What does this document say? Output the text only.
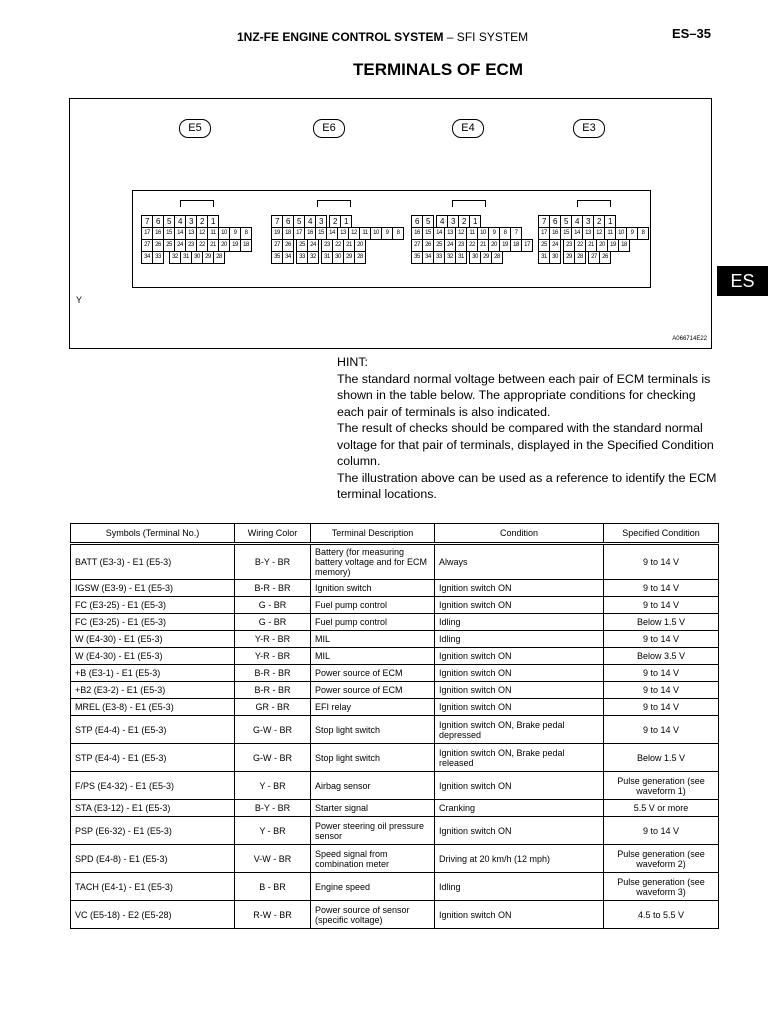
1NZ-FE ENGINE CONTROL SYSTEM – SFI SYSTEM	ES–35
TERMINALS OF ECM
E5
7 6 5 4 3 2 1
17 16 15 14 13 12 11 10	9	8
27 26 25 24 23 22 21 20 19 18
34 33	32 31 30 29 28
E6
7 6 5 4 3	2 1
19 18 17 16 15 14 13 12 11 10	9	8
27 26	25 24	23 22 21 20
35 34	33 32	31 30 29 28
E4
6 5	4 3 2 1
16 15 14 13 12 11 10	9	8	7
27 26 25 24 23 22 21 20 19 18 17
35 34 33 32 31	30 29 28
E3
7 6 5 4 3 2 1
17 16 15 14 13 12 11 10	9	8
25 24	23 22 21 20 19 18
31 30	29 28	27 26
Y
A066714E22
ES

HINT:

The standard normal voltage between each pair of ECM terminals is shown in the table below. The appropriate conditions for checking each pair of terminals is also indicated.

The result of checks should be compared with the standard normal voltage for that pair of terminals, displayed in the Specified Condition column.

The illustration above can be used as a reference to identify the ECM terminal locations.

Symbols (Terminal No.)	Wiring Color	Terminal Description	Condition	Specified Condition
BATT (E3-3) - E1 (E5-3)	B-Y - BR	Battery (for measuring battery voltage and for ECM memory)	Always	9 to 14 V
IGSW (E3-9) - E1 (E5-3)	B-R - BR	Ignition switch	Ignition switch ON	9 to 14 V
FC (E3-25) - E1 (E5-3)	G - BR	Fuel pump control	Ignition switch ON	9 to 14 V
FC (E3-25) - E1 (E5-3)	G - BR	Fuel pump control	Idling	Below 1.5 V
W (E4-30) - E1 (E5-3)	Y-R - BR	MIL	Idling	9 to 14 V
W (E4-30) - E1 (E5-3)	Y-R - BR	MIL	Ignition switch ON	Below 3.5 V
+B (E3-1) - E1 (E5-3)	B-R - BR	Power source of ECM	Ignition switch ON	9 to 14 V
+B2 (E3-2) - E1 (E5-3)	B-R - BR	Power source of ECM	Ignition switch ON	9 to 14 V
MREL (E3-8) - E1 (E5-3)	GR - BR	EFI relay	Ignition switch ON	9 to 14 V
STP (E4-4) - E1 (E5-3)	G-W - BR	Stop light switch	Ignition switch ON, Brake pedal depressed	9 to 14 V
STP (E4-4) - E1 (E5-3)	G-W - BR	Stop light switch	Ignition switch ON, Brake pedal released	Below 1.5 V
F/PS (E4-32) - E1 (E5-3)	Y - BR	Airbag sensor	Ignition switch ON	Pulse generation (see waveform 1)
STA (E3-12) - E1 (E5-3)	B-Y - BR	Starter signal	Cranking	5.5 V or more
PSP (E6-32) - E1 (E5-3)	Y - BR	Power steering oil pressure sensor	Ignition switch ON	9 to 14 V
SPD (E4-8) - E1 (E5-3)	V-W - BR	Speed signal from combination meter	Driving at 20 km/h (12 mph)	Pulse generation (see waveform 2)
TACH (E4-1) - E1 (E5-3)	B - BR	Engine speed	Idling	Pulse generation (see waveform 3)
VC (E5-18) - E2 (E5-28)	R-W - BR	Power source of sensor (specific voltage)	Ignition switch ON	4.5 to 5.5 V
